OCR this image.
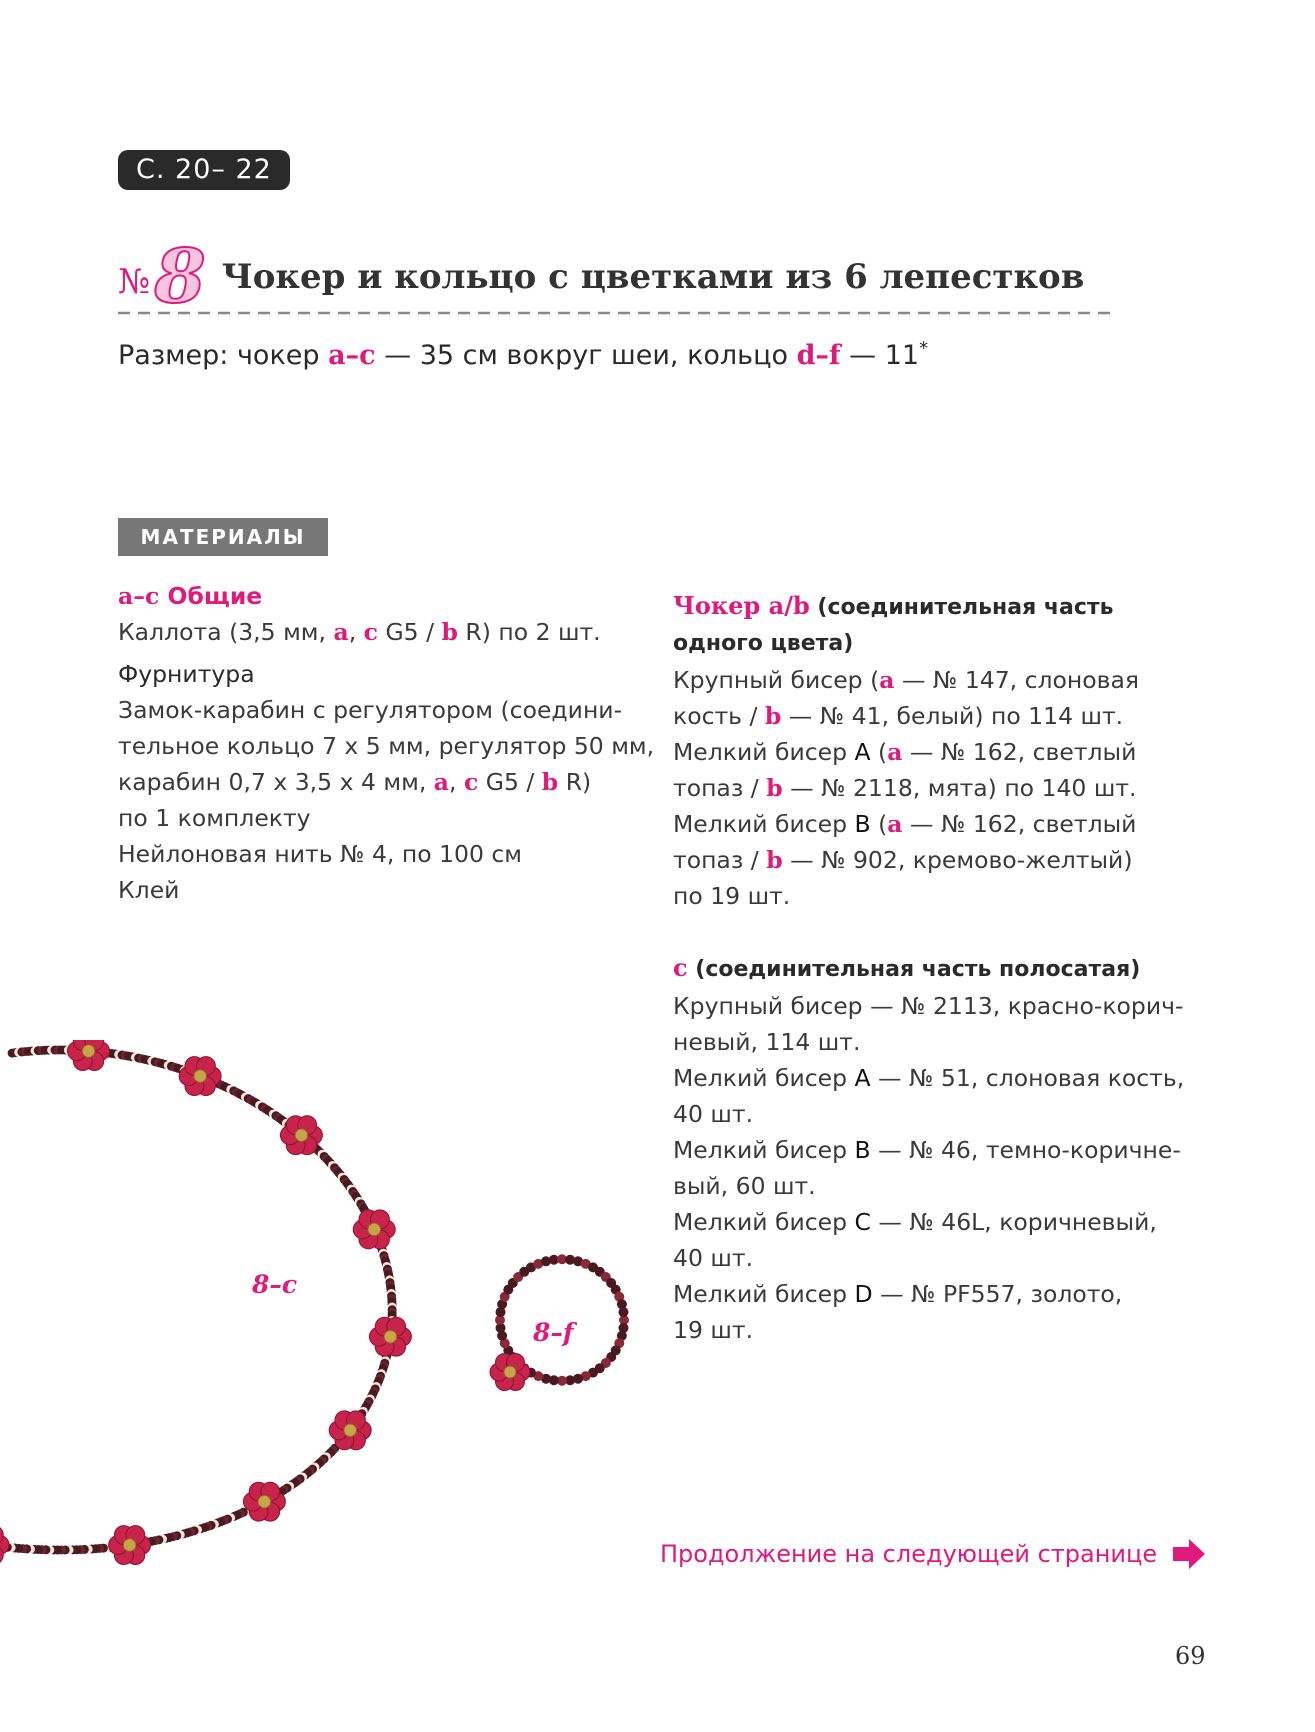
С. 20– 22
№ 8 Чокер и кольцо с цветками из 6 лепестков
Размер: чокер a–c — 35 см вокруг шеи, кольцо d–f — 11*
МАТЕРИАЛЫ
a–c Общие
Каллота (3,5 мм, a, c G5 / b R) по 2 шт.
Фурнитура
Замок-карабин с регулятором (соедини-
тельное кольцо 7 х 5 мм, регулятор 50 мм,
карабин 0,7 х 3,5 х 4 мм, a, c G5 / b R)
по 1 комплекту
Нейлоновая нить № 4, по 100 см
Клей
Чокер a/b (соединительная часть
одного цвета)
Крупный бисер (a — № 147, слоновая
кость / b — № 41, белый) по 114 шт.
Мелкий бисер A (a — № 162, светлый
топаз / b — № 2118, мята) по 140 шт.
Мелкий бисер B (a — № 162, светлый
топаз / b — № 902, кремово-желтый)
по 19 шт.
c (соединительная часть полосатая)
Крупный бисер — № 2113, красно-корич-
невый, 114 шт.
Мелкий бисер A — № 51, слоновая кость,
40 шт.
Мелкий бисер B — № 46, темно-коричне-
вый, 60 шт.
Мелкий бисер C — № 46L, коричневый,
40 шт.
Мелкий бисер D — № PF557, золото,
19 шт.
8–c
8–f
Продолжение на следующей странице
69
